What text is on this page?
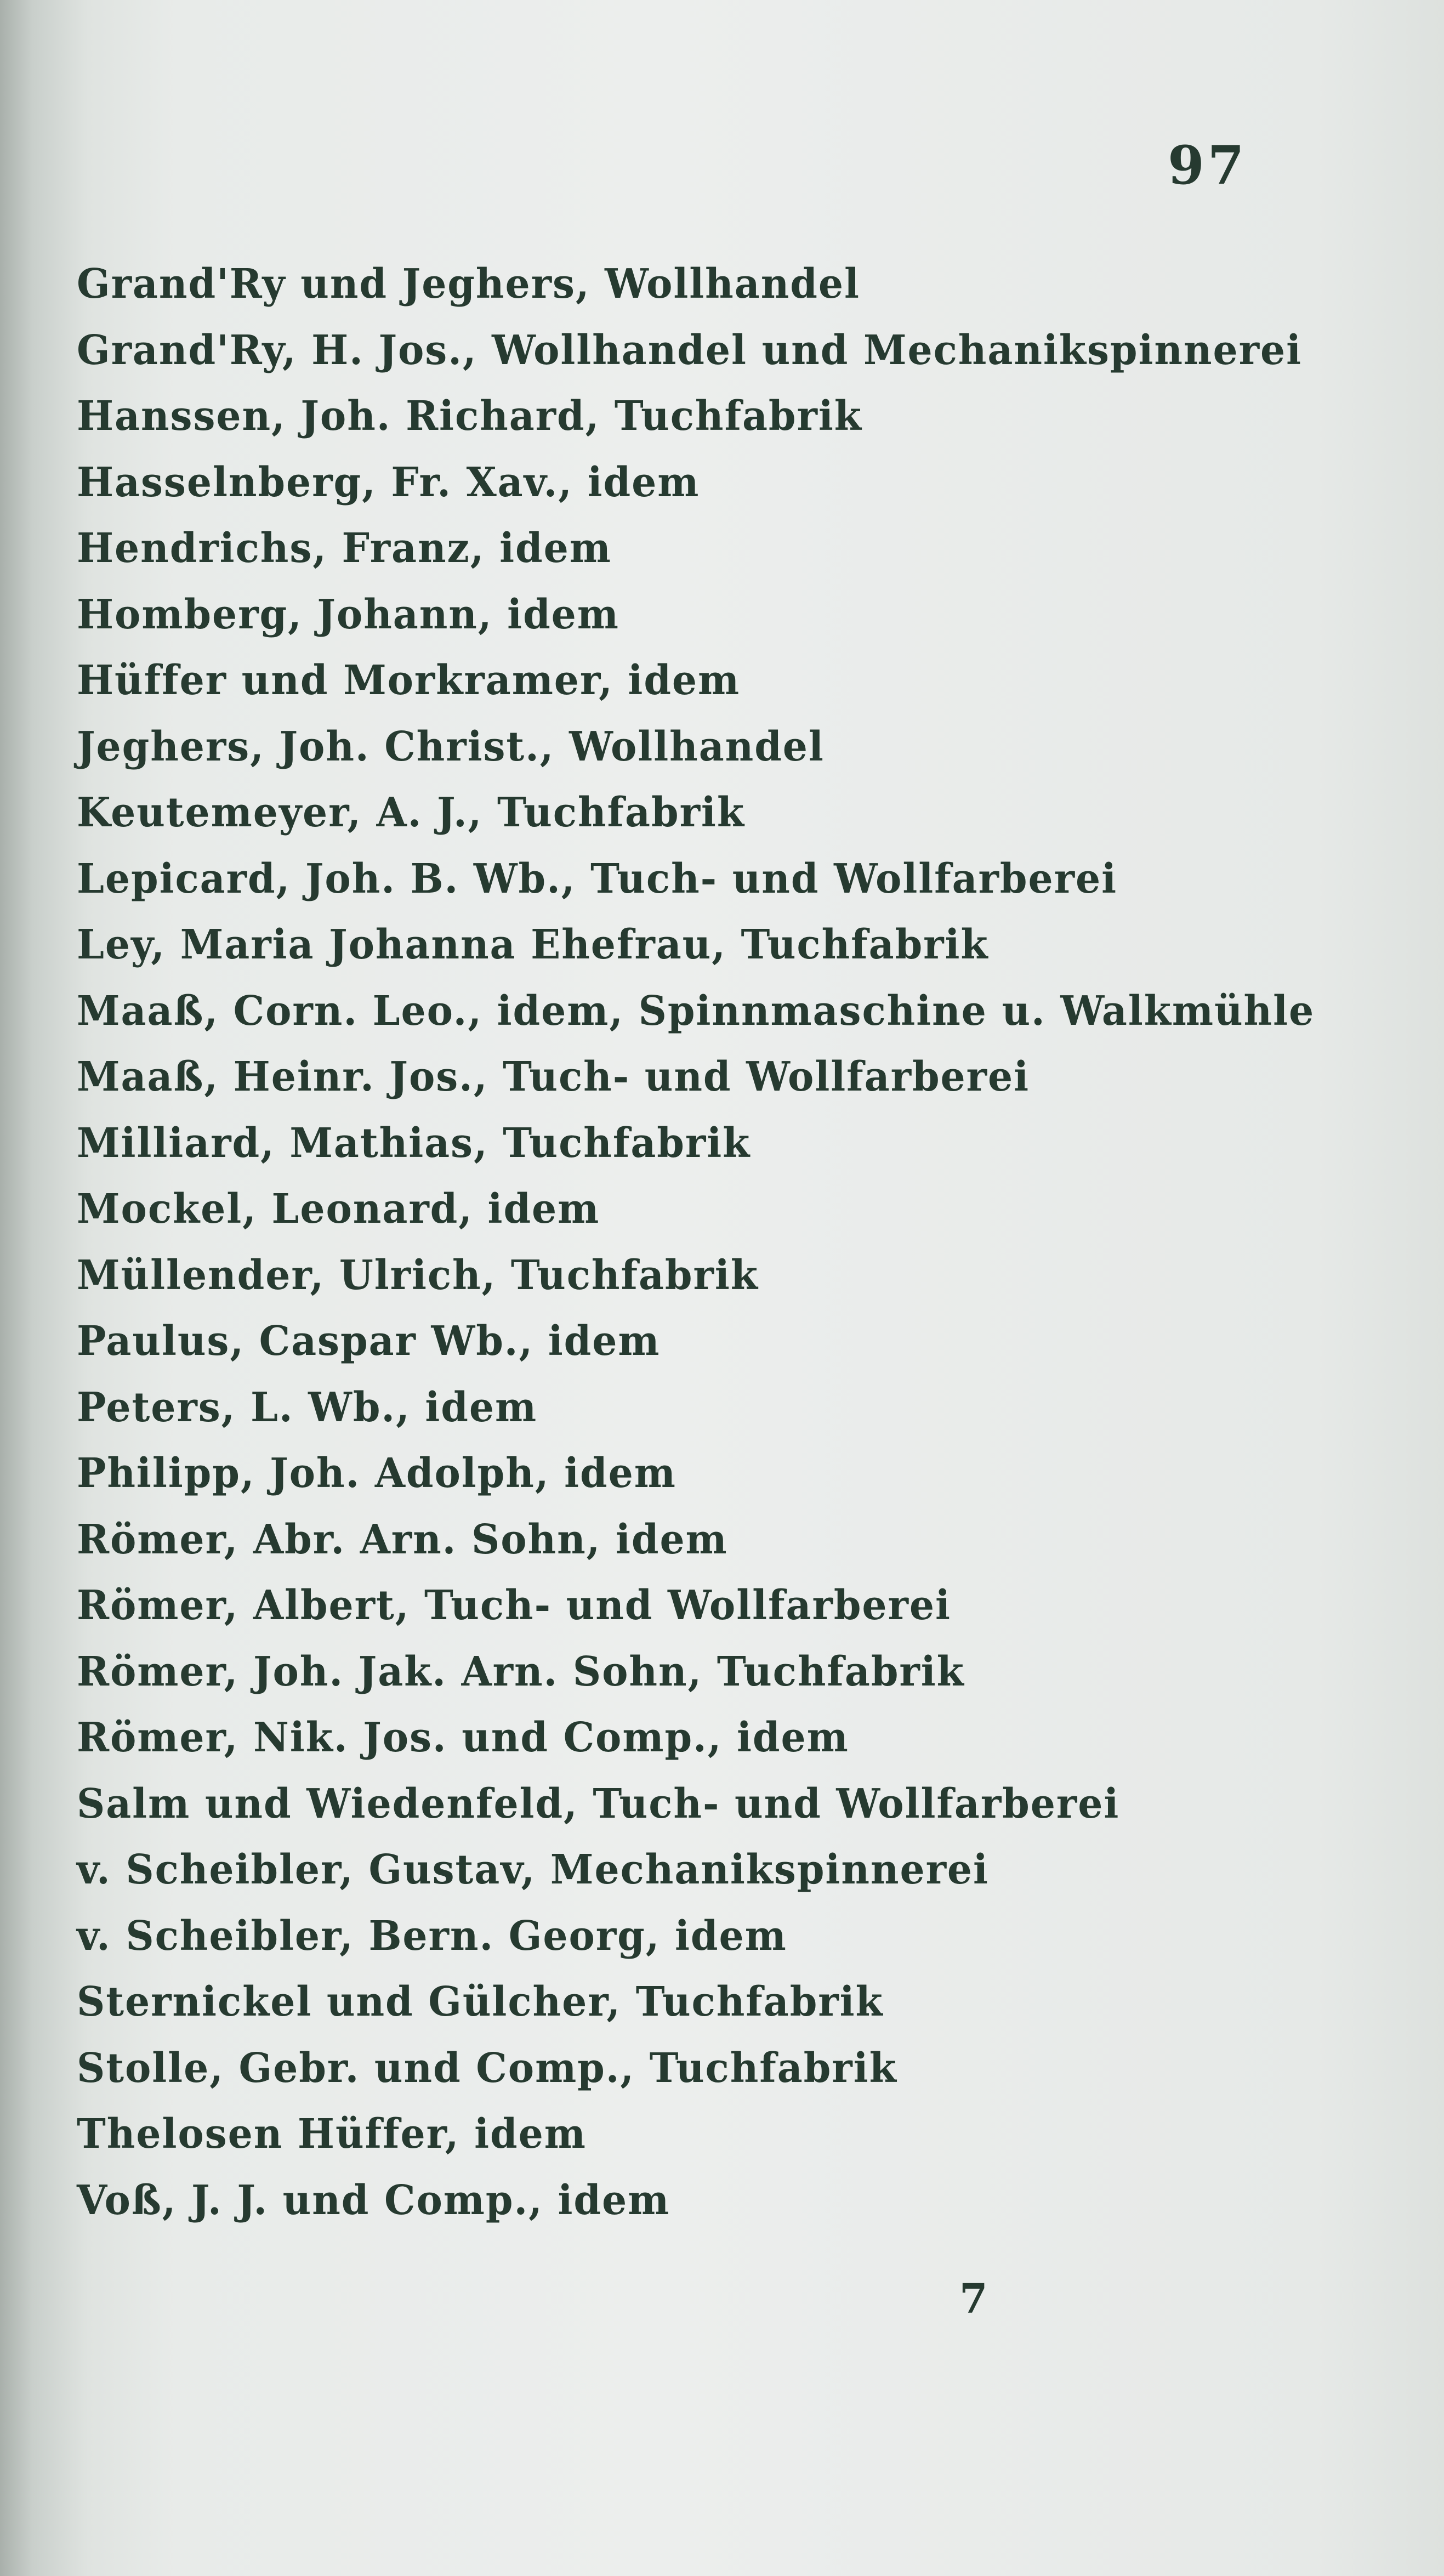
97
Grand'Ry und Jeghers, Wollhandel
Grand'Ry, H. Jos., Wollhandel und Mechanikspinnerei
Hanssen, Joh. Richard, Tuchfabrik
Hasselnberg, Fr. Xav., idem
Hendrichs, Franz, idem
Homberg, Johann, idem
Hüffer und Morkramer, idem
Jeghers, Joh. Christ., Wollhandel
Keutemeyer, A. J., Tuchfabrik
Lepicard, Joh. B. Wb., Tuch- und Wollfarberei
Ley, Maria Johanna Ehefrau, Tuchfabrik
Maaß, Corn. Leo., idem, Spinnmaschine u. Walkmühle
Maaß, Heinr. Jos., Tuch- und Wollfarberei
Milliard, Mathias, Tuchfabrik
Mockel, Leonard, idem
Müllender, Ulrich, Tuchfabrik
Paulus, Caspar Wb., idem
Peters, L. Wb., idem
Philipp, Joh. Adolph, idem
Römer, Abr. Arn. Sohn, idem
Römer, Albert, Tuch- und Wollfarberei
Römer, Joh. Jak. Arn. Sohn, Tuchfabrik
Römer, Nik. Jos. und Comp., idem
Salm und Wiedenfeld, Tuch- und Wollfarberei
v. Scheibler, Gustav, Mechanikspinnerei
v. Scheibler, Bern. Georg, idem
Sternickel und Gülcher, Tuchfabrik
Stolle, Gebr. und Comp., Tuchfabrik
Thelosen Hüffer, idem
Voß, J. J. und Comp., idem
7
